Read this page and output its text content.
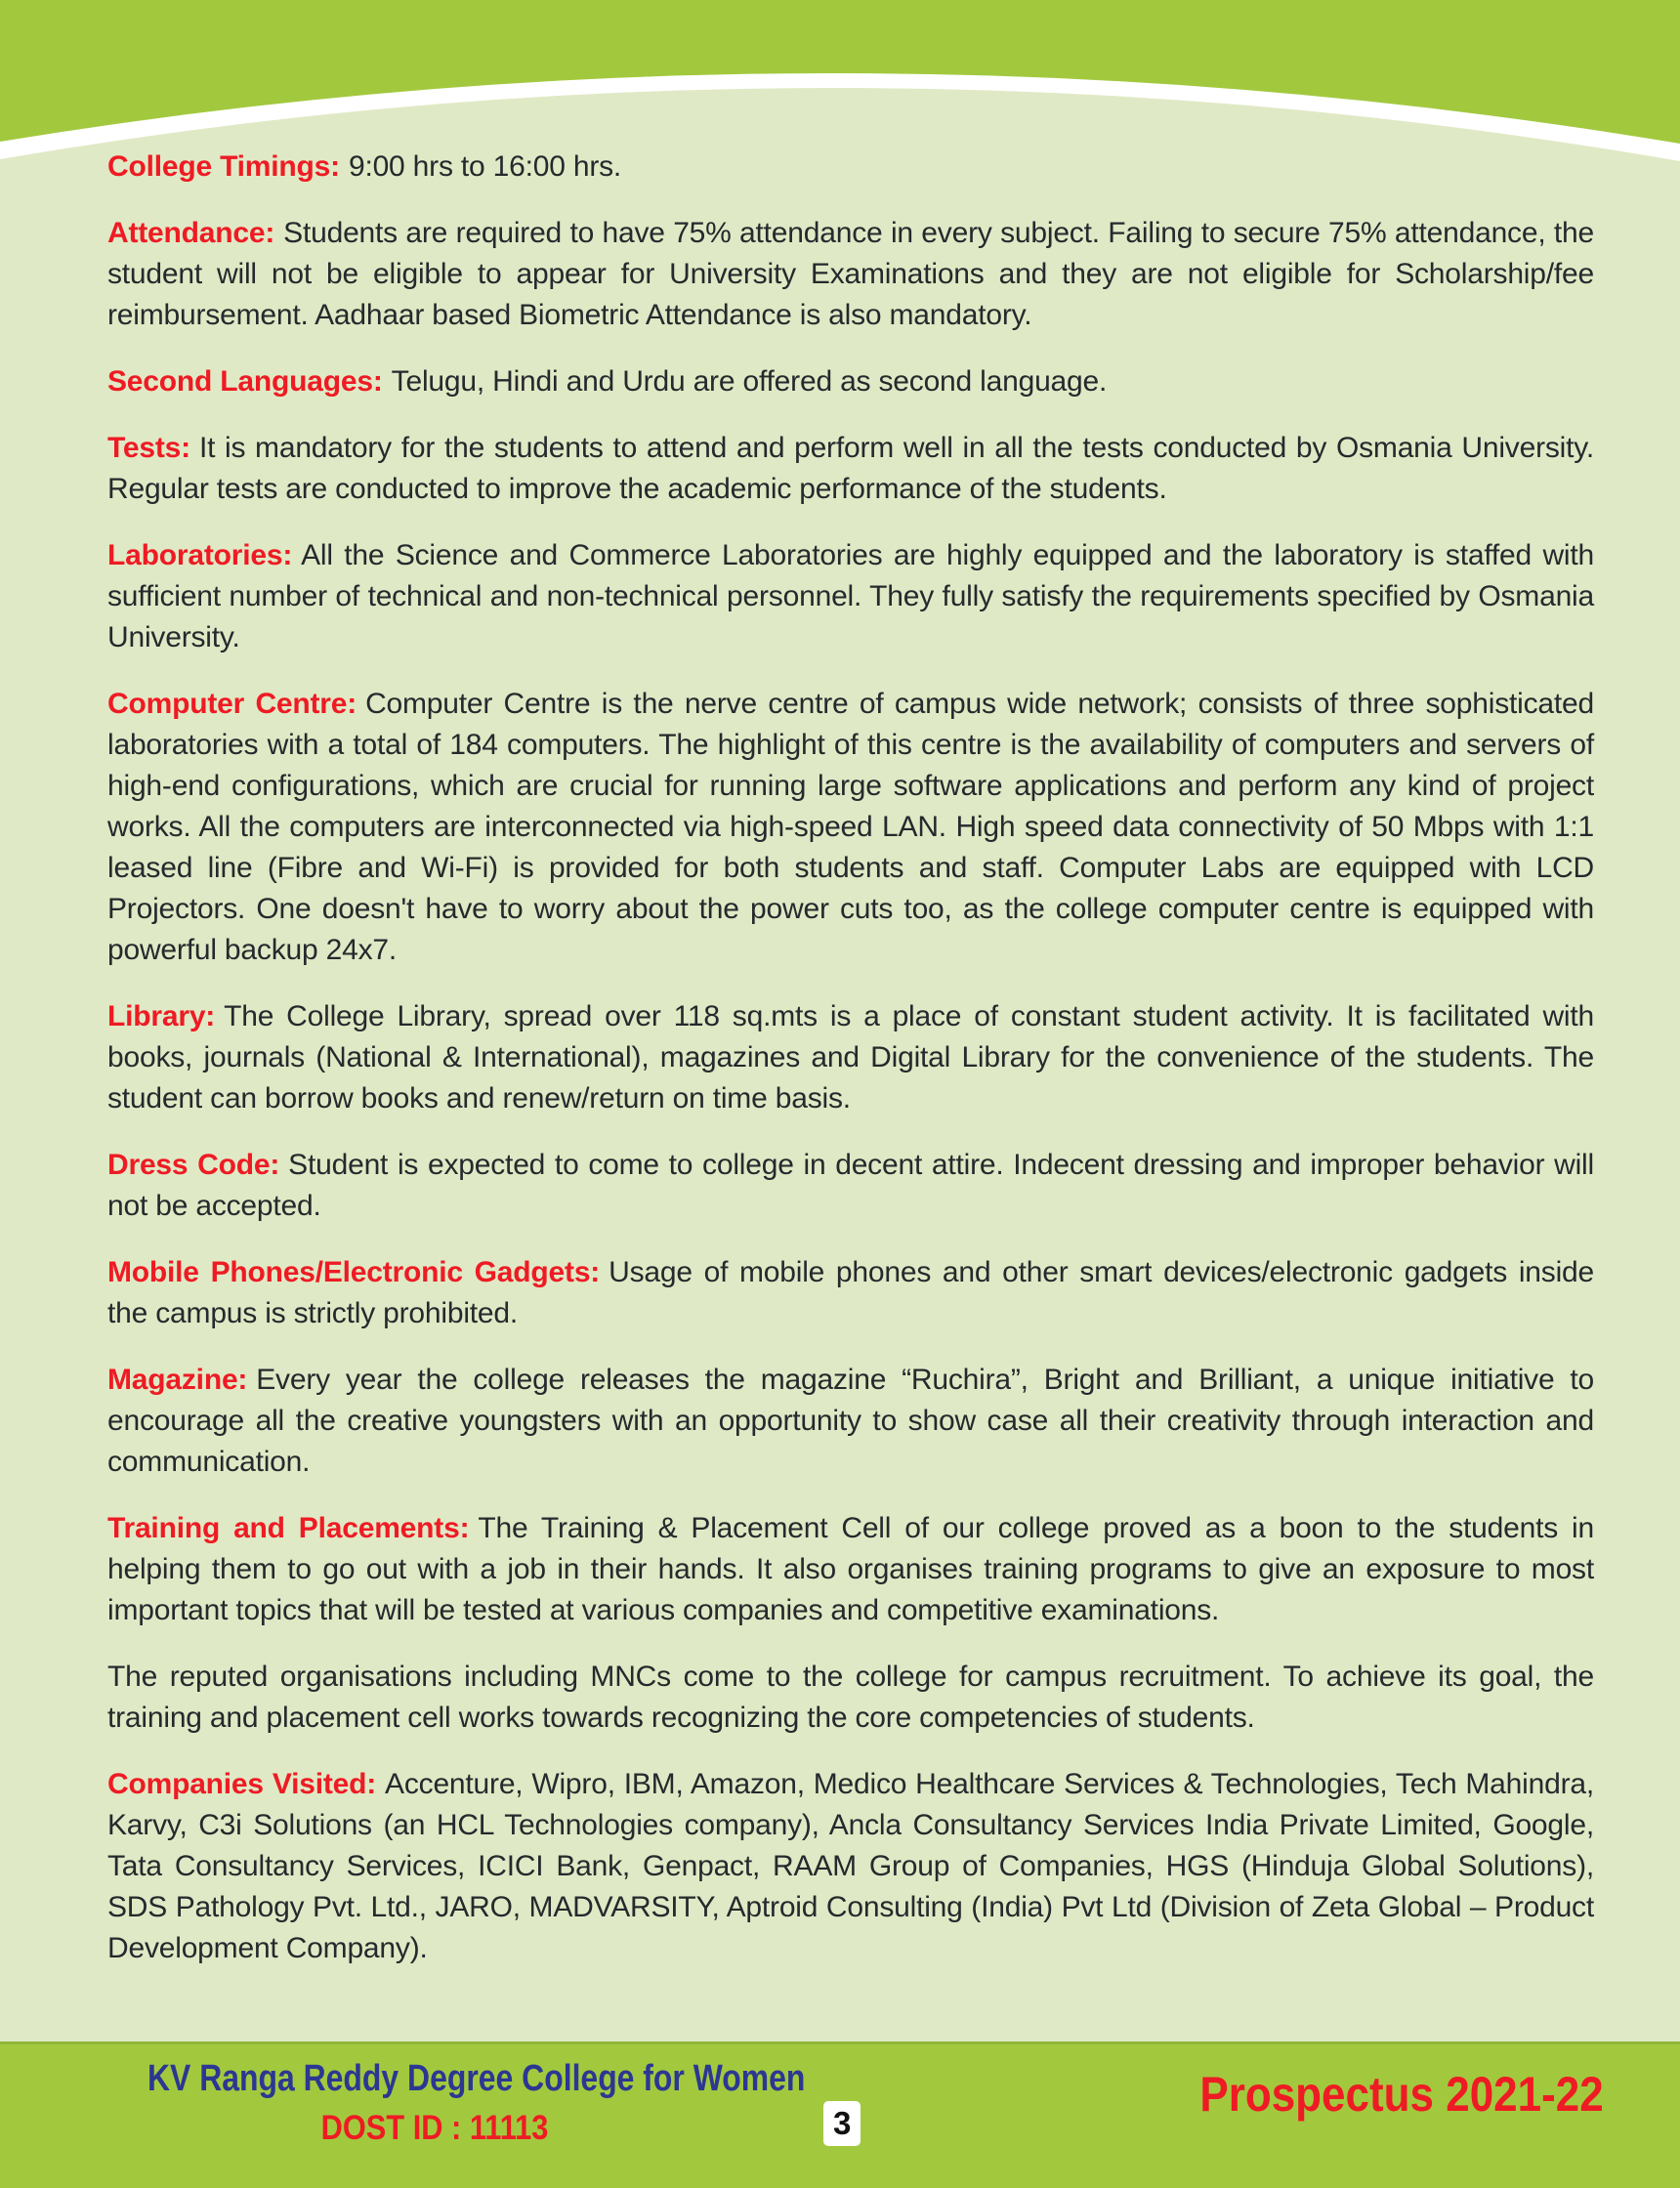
College Timings: 9:00 hrs to 16:00 hrs.

Attendance: Students are required to have 75% attendance in every subject. Failing to secure 75% attendance, the student will not be eligible to appear for University Examinations and they are not eligible for Scholarship/fee reimbursement. Aadhaar based Biometric Attendance is also mandatory.

Second Languages: Telugu, Hindi and Urdu are offered as second language.

Tests: It is mandatory for the students to attend and perform well in all the tests conducted by Osmania University. Regular tests are conducted to improve the academic performance of the students.

Laboratories: All the Science and Commerce Laboratories are highly equipped and the laboratory is staffed with sufficient number of technical and non-technical personnel. They fully satisfy the requirements specified by Osmania University.

Computer Centre: Computer Centre is the nerve centre of campus wide network; consists of three sophisticated laboratories with a total of 184 computers. The highlight of this centre is the availability of computers and servers of high-end configurations, which are crucial for running large software applications and perform any kind of project works. All the computers are interconnected via high-speed LAN. High speed data connectivity of 50 Mbps with 1:1 leased line (Fibre and Wi-Fi) is provided for both students and staff. Computer Labs are equipped with LCD Projectors. One doesn't have to worry about the power cuts too, as the college computer centre is equipped with powerful backup 24x7.

Library: The College Library, spread over 118 sq.mts is a place of constant student activity. It is facilitated with books, journals (National & International), magazines and Digital Library for the convenience of the students. The student can borrow books and renew/return on time basis.

Dress Code: Student is expected to come to college in decent attire. Indecent dressing and improper behavior will not be accepted.

Mobile Phones/Electronic Gadgets: Usage of mobile phones and other smart devices/electronic gadgets inside the campus is strictly prohibited.

Magazine: Every year the college releases the magazine “Ruchira”, Bright and Brilliant, a unique initiative to encourage all the creative youngsters with an opportunity to show case all their creativity through interaction and communication.

Training and Placements: The Training & Placement Cell of our college proved as a boon to the students in helping them to go out with a job in their hands. It also organises training programs to give an exposure to most important topics that will be tested at various companies and competitive examinations.

The reputed organisations including MNCs come to the college for campus recruitment. To achieve its goal, the training and placement cell works towards recognizing the core competencies of students.

Companies Visited: Accenture, Wipro, IBM, Amazon, Medico Healthcare Services & Technologies, Tech Mahindra, Karvy, C3i Solutions (an HCL Technologies company), Ancla Consultancy Services India Private Limited, Google, Tata Consultancy Services, ICICI Bank, Genpact, RAAM Group of Companies, HGS (Hinduja Global Solutions), SDS Pathology Pvt. Ltd., JARO, MADVARSITY, Aptroid Consulting (India) Pvt Ltd (Division of Zeta Global – Product Development Company).

KV Ranga Reddy Degree College for Women
DOST ID : 11113	3
Prospectus 2021-22
